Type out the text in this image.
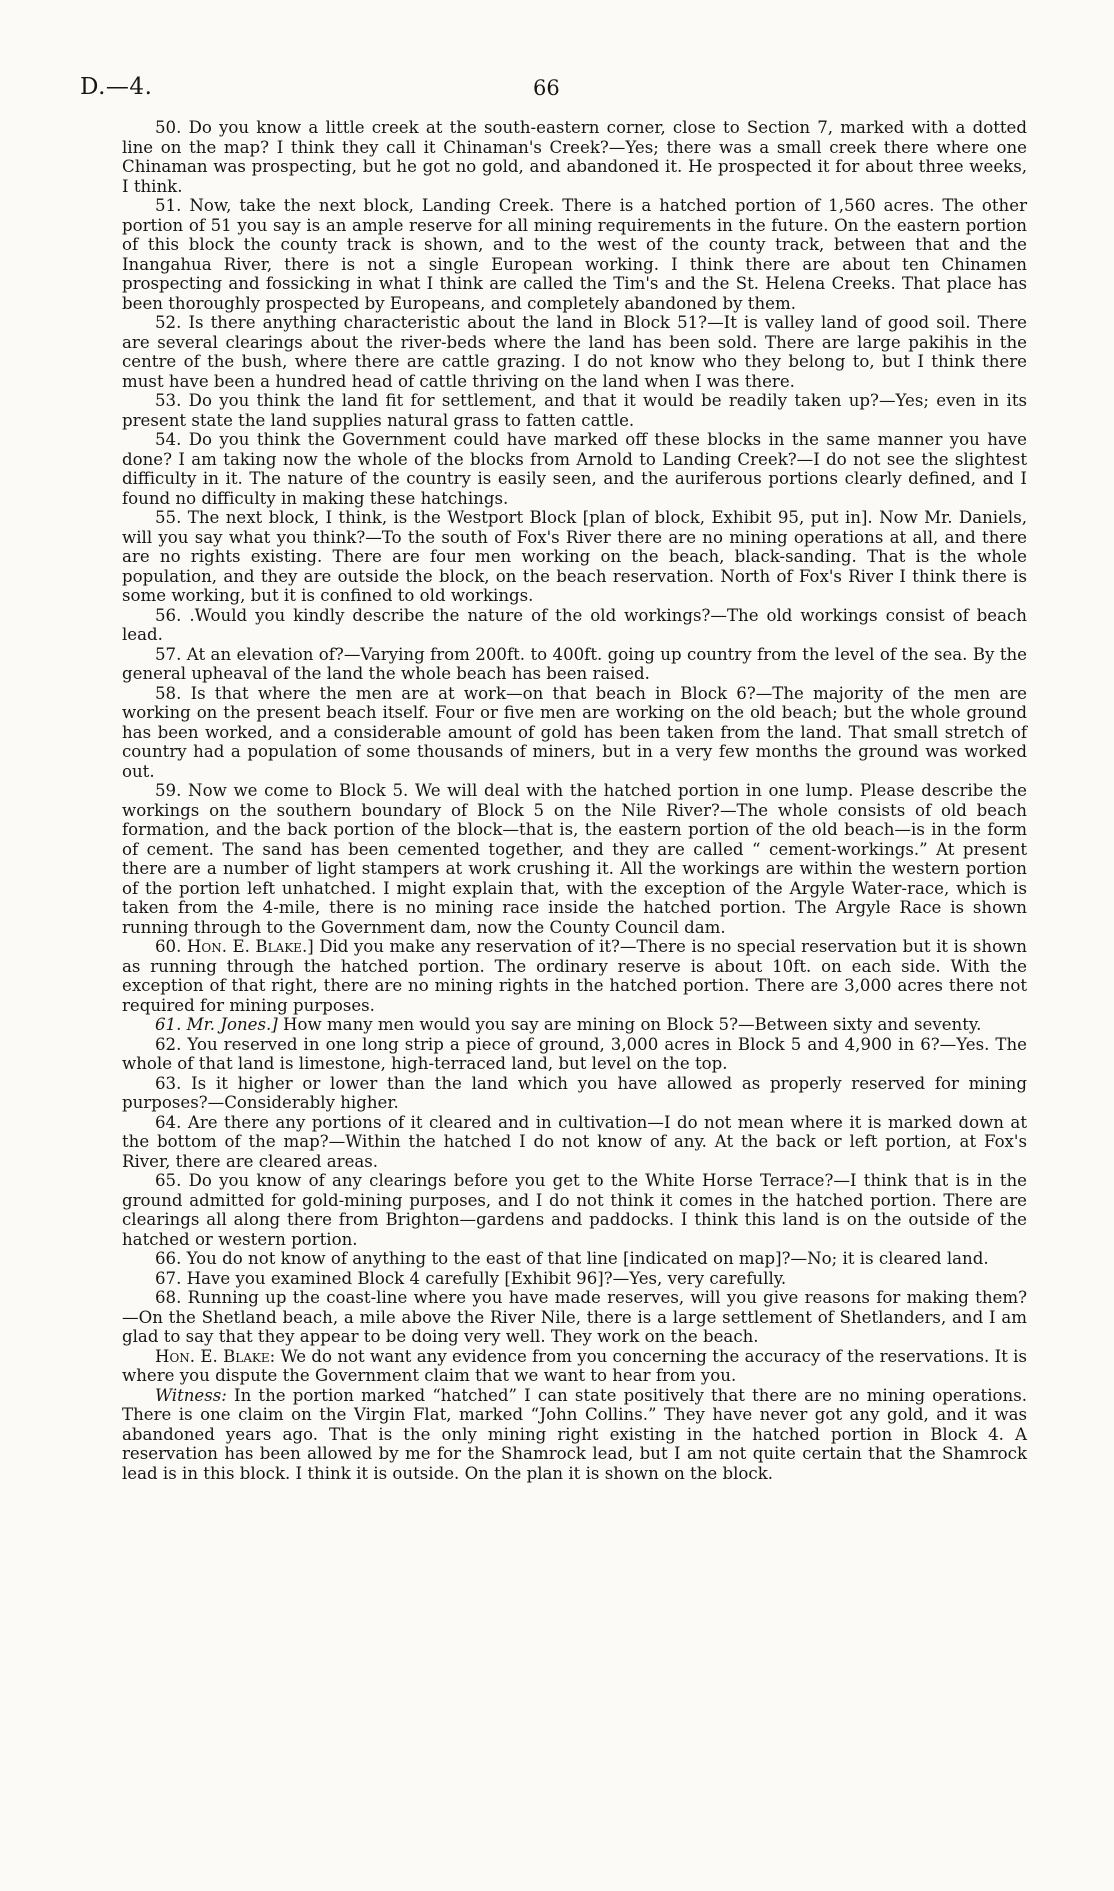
D.—4.	66

50. Do you know a little creek at the south-eastern corner, close to Section 7, marked with a dotted line on the map? I think they call it Chinaman's Creek?—Yes; there was a small creek there where one Chinaman was prospecting, but he got no gold, and abandoned it. He prospected it for about three weeks, I think.

51. Now, take the next block, Landing Creek. There is a hatched portion of 1,560 acres. The other portion of 51 you say is an ample reserve for all mining requirements in the future. On the eastern portion of this block the county track is shown, and to the west of the county track, between that and the Inangahua River, there is not a single European working. I think there are about ten Chinamen prospecting and fossicking in what I think are called the Tim's and the St. Helena Creeks. That place has been thoroughly prospected by Europeans, and completely abandoned by them.

52. Is there anything characteristic about the land in Block 51?—It is valley land of good soil. There are several clearings about the river-beds where the land has been sold. There are large pakihis in the centre of the bush, where there are cattle grazing. I do not know who they belong to, but I think there must have been a hundred head of cattle thriving on the land when I was there.

53. Do you think the land fit for settlement, and that it would be readily taken up?—Yes; even in its present state the land supplies natural grass to fatten cattle.

54. Do you think the Government could have marked off these blocks in the same manner you have done? I am taking now the whole of the blocks from Arnold to Landing Creek?—I do not see the slightest difficulty in it. The nature of the country is easily seen, and the auriferous portions clearly defined, and I found no difficulty in making these hatchings.

55. The next block, I think, is the Westport Block [plan of block, Exhibit 95, put in]. Now Mr. Daniels, will you say what you think?—To the south of Fox's River there are no mining operations at all, and there are no rights existing. There are four men working on the beach, black-sanding. That is the whole population, and they are outside the block, on the beach reservation. North of Fox's River I think there is some working, but it is confined to old workings.

56. .Would you kindly describe the nature of the old workings?—The old workings consist of beach lead.

57. At an elevation of?—Varying from 200ft. to 400ft. going up country from the level of the sea. By the general upheaval of the land the whole beach has been raised.

58. Is that where the men are at work—on that beach in Block 6?—The majority of the men are working on the present beach itself. Four or five men are working on the old beach; but the whole ground has been worked, and a considerable amount of gold has been taken from the land. That small stretch of country had a population of some thousands of miners, but in a very few months the ground was worked out.

59. Now we come to Block 5. We will deal with the hatched portion in one lump. Please describe the workings on the southern boundary of Block 5 on the Nile River?—The whole consists of old beach formation, and the back portion of the block—that is, the eastern portion of the old beach—is in the form of cement. The sand has been cemented together, and they are called “ cement-workings.” At present there are a number of light stampers at work crushing it. All the workings are within the western portion of the portion left unhatched. I might explain that, with the exception of the Argyle Water-race, which is taken from the 4-mile, there is no mining race inside the hatched portion. The Argyle Race is shown running through to the Government dam, now the County Council dam.

60. Hon. E. Blake.] Did you make any reservation of it?—There is no special reservation but it is shown as running through the hatched portion. The ordinary reserve is about 10ft. on each side. With the exception of that right, there are no mining rights in the hatched portion. There are 3,000 acres there not required for mining purposes.

61. Mr. Jones.] How many men would you say are mining on Block 5?—Between sixty and seventy.

62. You reserved in one long strip a piece of ground, 3,000 acres in Block 5 and 4,900 in 6?—Yes. The whole of that land is limestone, high-terraced land, but level on the top.

63. Is it higher or lower than the land which you have allowed as properly reserved for mining purposes?—Considerably higher.

64. Are there any portions of it cleared and in cultivation—I do not mean where it is marked down at the bottom of the map?—Within the hatched I do not know of any. At the back or left portion, at Fox's River, there are cleared areas.

65. Do you know of any clearings before you get to the White Horse Terrace?—I think that is in the ground admitted for gold-mining purposes, and I do not think it comes in the hatched portion. There are clearings all along there from Brighton—gardens and paddocks. I think this land is on the outside of the hatched or western portion.

66. You do not know of anything to the east of that line [indicated on map]?—No; it is cleared land.

67. Have you examined Block 4 carefully [Exhibit 96]?—Yes, very carefully.

68. Running up the coast-line where you have made reserves, will you give reasons for making them?—On the Shetland beach, a mile above the River Nile, there is a large settlement of Shetlanders, and I am glad to say that they appear to be doing very well. They work on the beach.

Hon. E. Blake: We do not want any evidence from you concerning the accuracy of the reservations. It is where you dispute the Government claim that we want to hear from you.

Witness: In the portion marked “hatched” I can state positively that there are no mining operations. There is one claim on the Virgin Flat, marked “John Collins.” They have never got any gold, and it was abandoned years ago. That is the only mining right existing in the hatched portion in Block 4. A reservation has been allowed by me for the Shamrock lead, but I am not quite certain that the Shamrock lead is in this block. I think it is outside. On the plan it is shown on the block.
